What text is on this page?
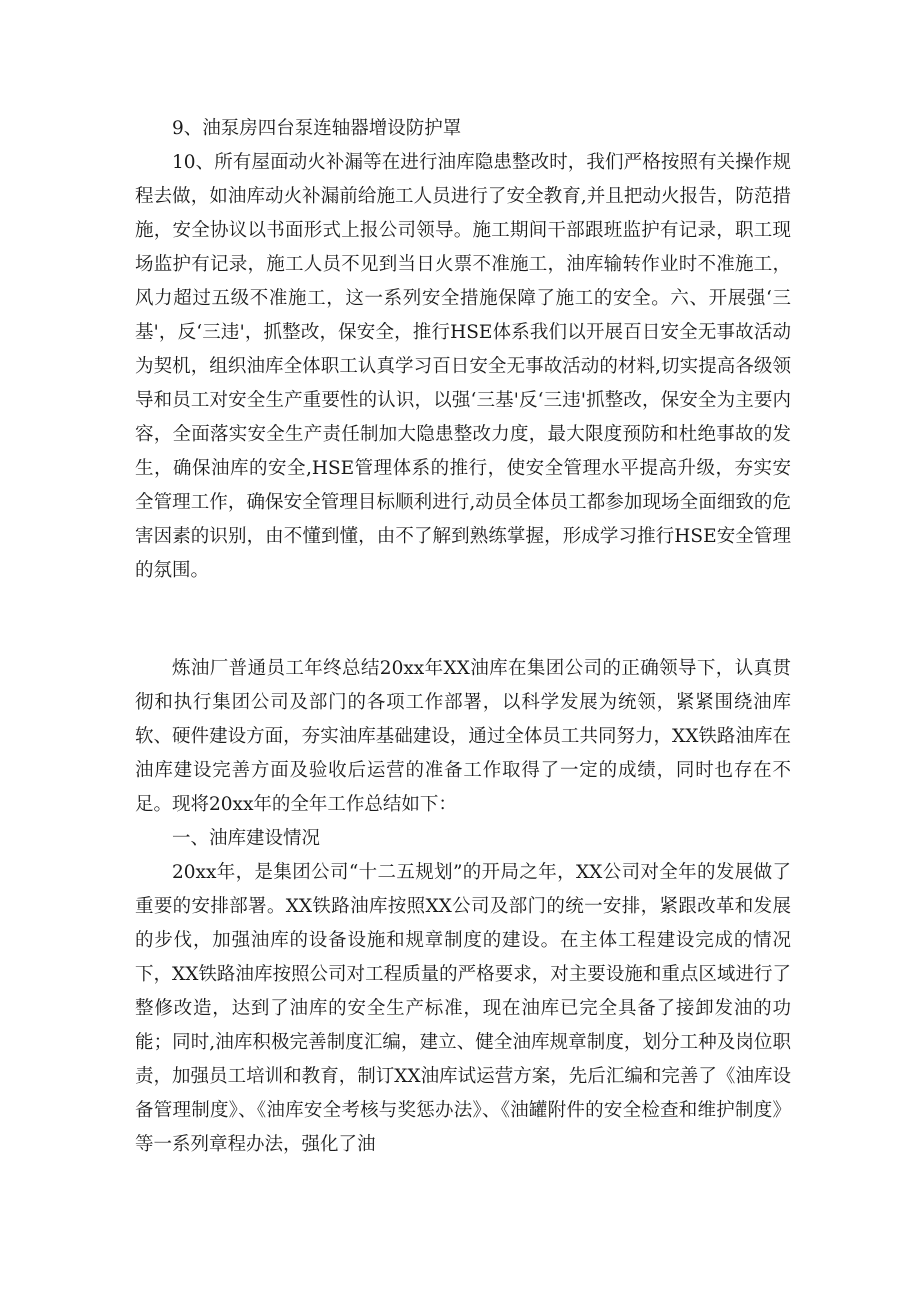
9、油泵房四台泵连轴器增设防护罩

10、所有屋面动火补漏等在进行油库隐患整改时，我们严格按照有关操作规程去做，如油库动火补漏前给施工人员进行了安全教育,并且把动火报告，防范措施，安全协议以书面形式上报公司领导。施工期间干部跟班监护有记录，职工现场监护有记录，施工人员不见到当日火票不准施工，油库输转作业时不准施工，风力超过五级不准施工，这一系列安全措施保障了施工的安全。六、开展强‘三基'，反‘三违'，抓整改，保安全，推行HSE体系我们以开展百日安全无事故活动为契机，组织油库全体职工认真学习百日安全无事故活动的材料,切实提高各级领导和员工对安全生产重要性的认识，以强‘三基'反‘三违'抓整改，保安全为主要内容，全面落实安全生产责任制加大隐患整改力度，最大限度预防和杜绝事故的发生，确保油库的安全,HSE管理体系的推行，使安全管理水平提高升级，夯实安全管理工作，确保安全管理目标顺利进行,动员全体员工都参加现场全面细致的危害因素的识别，由不懂到懂，由不了解到熟练掌握，形成学习推行HSE安全管理的氛围。

炼油厂普通员工年终总结20xx年XX油库在集团公司的正确领导下，认真贯彻和执行集团公司及部门的各项工作部署，以科学发展为统领，紧紧围绕油库软、硬件建设方面，夯实油库基础建设，通过全体员工共同努力，XX铁路油库在油库建设完善方面及验收后运营的准备工作取得了一定的成绩，同时也存在不足。现将20xx年的全年工作总结如下：

一、油库建设情况

20xx年，是集团公司“十二五规划”的开局之年，XX公司对全年的发展做了重要的安排部署。XX铁路油库按照XX公司及部门的统一安排，紧跟改革和发展的步伐，加强油库的设备设施和规章制度的建设。在主体工程建设完成的情况下，XX铁路油库按照公司对工程质量的严格要求，对主要设施和重点区域进行了整修改造，达到了油库的安全生产标准，现在油库已完全具备了接卸发油的功能；同时,油库积极完善制度汇编，建立、健全油库规章制度，划分工种及岗位职责，加强员工培训和教育，制订XX油库试运营方案，先后汇编和完善了《油库设备管理制度》、《油库安全考核与奖惩办法》、《油罐附件的安全检查和维护制度》等一系列章程办法，强化了油
